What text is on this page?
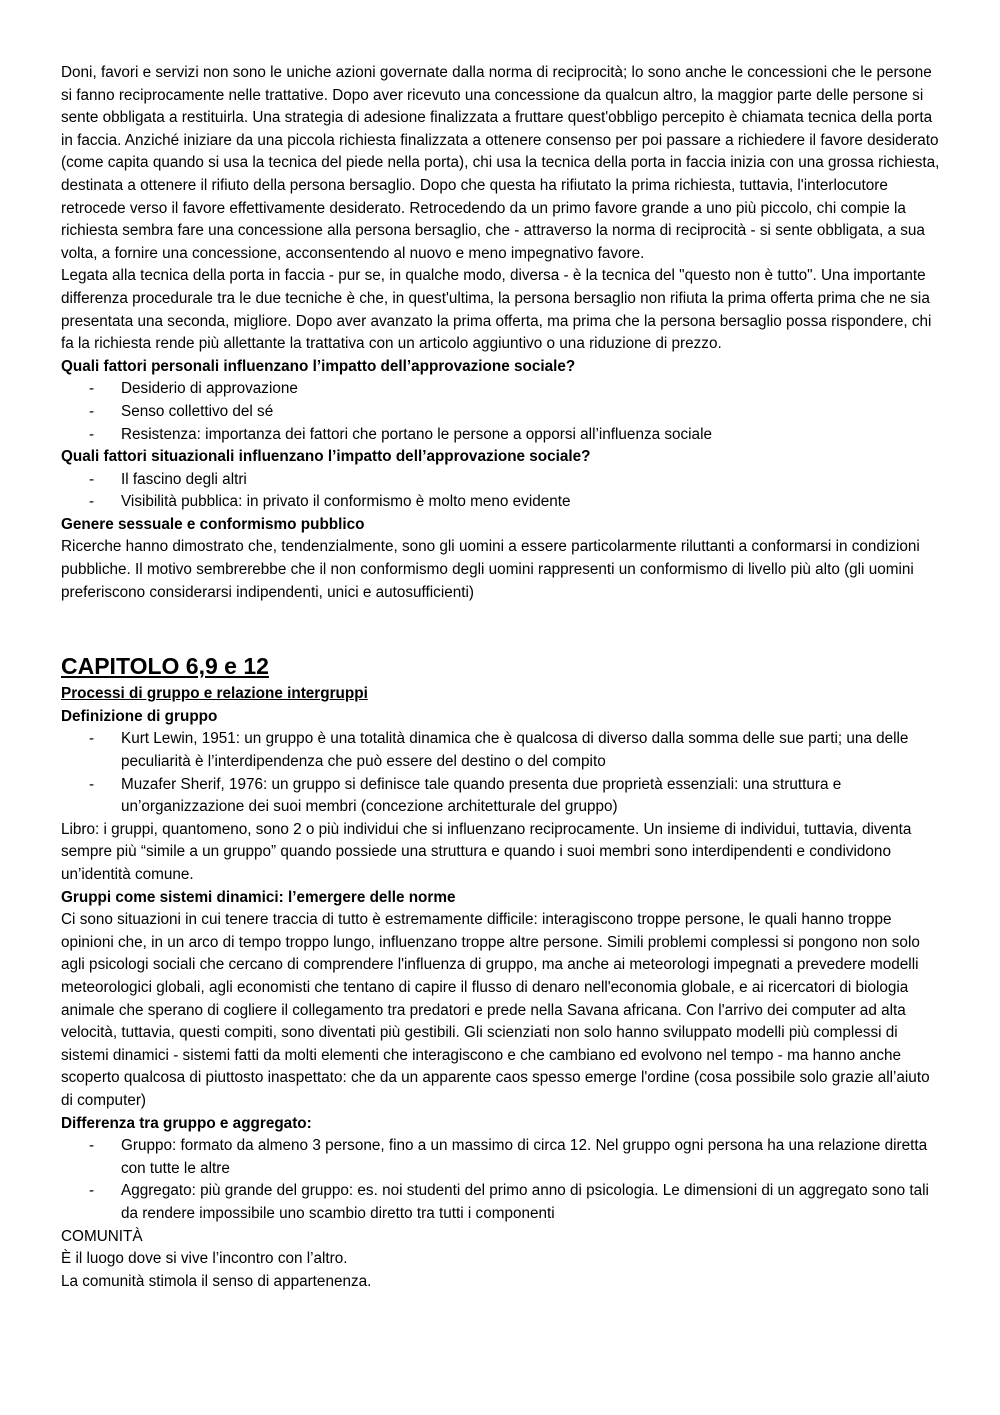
Doni, favori e servizi non sono le uniche azioni governate dalla norma di reciprocità; lo sono anche le concessioni che le persone si fanno reciprocamente nelle trattative. Dopo aver ricevuto una concessione da qualcun altro, la maggior parte delle persone si sente obbligata a restituirla. Una strategia di adesione finalizzata a fruttare quest'obbligo percepito è chiamata tecnica della porta in faccia. Anziché iniziare da una piccola richiesta finalizzata a ottenere consenso per poi passare a richiedere il favore desiderato (come capita quando si usa la tecnica del piede nella porta), chi usa la tecnica della porta in faccia inizia con una grossa richiesta, destinata a ottenere il rifiuto della persona bersaglio. Dopo che questa ha rifiutato la prima richiesta, tuttavia, l'interlocutore retrocede verso il favore effettivamente desiderato. Retrocedendo da un primo favore grande a uno più piccolo, chi compie la richiesta sembra fare una concessione alla persona bersaglio, che - attraverso la norma di reciprocità - si sente obbligata, a sua volta, a fornire una concessione, acconsentendo al nuovo e meno impegnativo favore.

Legata alla tecnica della porta in faccia - pur se, in qualche modo, diversa - è la tecnica del "questo non è tutto". Una importante differenza procedurale tra le due tecniche è che, in quest'ultima, la persona bersaglio non rifiuta la prima offerta prima che ne sia presentata una seconda, migliore. Dopo aver avanzato la prima offerta, ma prima che la persona bersaglio possa rispondere, chi fa la richiesta rende più allettante la trattativa con un articolo aggiuntivo o una riduzione di prezzo.

Quali fattori personali influenzano l’impatto dell’approvazione sociale?

- Desiderio di approvazione
- Senso collettivo del sé
- Resistenza: importanza dei fattori che portano le persone a opporsi all’influenza sociale

Quali fattori situazionali influenzano l’impatto dell’approvazione sociale?

- Il fascino degli altri
- Visibilità pubblica: in privato il conformismo è molto meno evidente

Genere sessuale e conformismo pubblico

Ricerche hanno dimostrato che, tendenzialmente, sono gli uomini a essere particolarmente riluttanti a conformarsi in condizioni pubbliche. Il motivo sembrerebbe che il non conformismo degli uomini rappresenti un conformismo di livello più alto (gli uomini preferiscono considerarsi indipendenti, unici e autosufficienti)

CAPITOLO 6,9 e 12

Processi di gruppo e relazione intergruppi

Definizione di gruppo

- Kurt Lewin, 1951: un gruppo è una totalità dinamica che è qualcosa di diverso dalla somma delle sue parti; una delle peculiarità è l’interdipendenza che può essere del destino o del compito
- Muzafer Sherif, 1976: un gruppo si definisce tale quando presenta due proprietà essenziali: una struttura e un’organizzazione dei suoi membri (concezione architetturale del gruppo)

Libro: i gruppi, quantomeno, sono 2 o più individui che si influenzano reciprocamente. Un insieme di individui, tuttavia, diventa sempre più “simile a un gruppo” quando possiede una struttura e quando i suoi membri sono interdipendenti e condividono un’identità comune.

Gruppi come sistemi dinamici: l’emergere delle norme

Ci sono situazioni in cui tenere traccia di tutto è estremamente difficile: interagiscono troppe persone, le quali hanno troppe opinioni che, in un arco di tempo troppo lungo, influenzano troppe altre persone. Simili problemi complessi si pongono non solo agli psicologi sociali che cercano di comprendere l'influenza di gruppo, ma anche ai meteorologi impegnati a prevedere modelli meteorologici globali, agli economisti che tentano di capire il flusso di denaro nell'economia globale, e ai ricercatori di biologia animale che sperano di cogliere il collegamento tra predatori e prede nella Savana africana. Con l'arrivo dei computer ad alta velocità, tuttavia, questi compiti, sono diventati più gestibili. Gli scienziati non solo hanno sviluppato modelli più complessi di sistemi dinamici - sistemi fatti da molti elementi che interagiscono e che cambiano ed evolvono nel tempo - ma hanno anche scoperto qualcosa di piuttosto inaspettato: che da un apparente caos spesso emerge l'ordine (cosa possibile solo grazie all’aiuto di computer)

Differenza tra gruppo e aggregato:

- Gruppo: formato da almeno 3 persone, fino a un massimo di circa 12. Nel gruppo ogni persona ha una relazione diretta con tutte le altre
- Aggregato: più grande del gruppo: es. noi studenti del primo anno di psicologia. Le dimensioni di un aggregato sono tali da rendere impossibile uno scambio diretto tra tutti i componenti

COMUNITÀ

È il luogo dove si vive l’incontro con l’altro.

La comunità stimola il senso di appartenenza.
